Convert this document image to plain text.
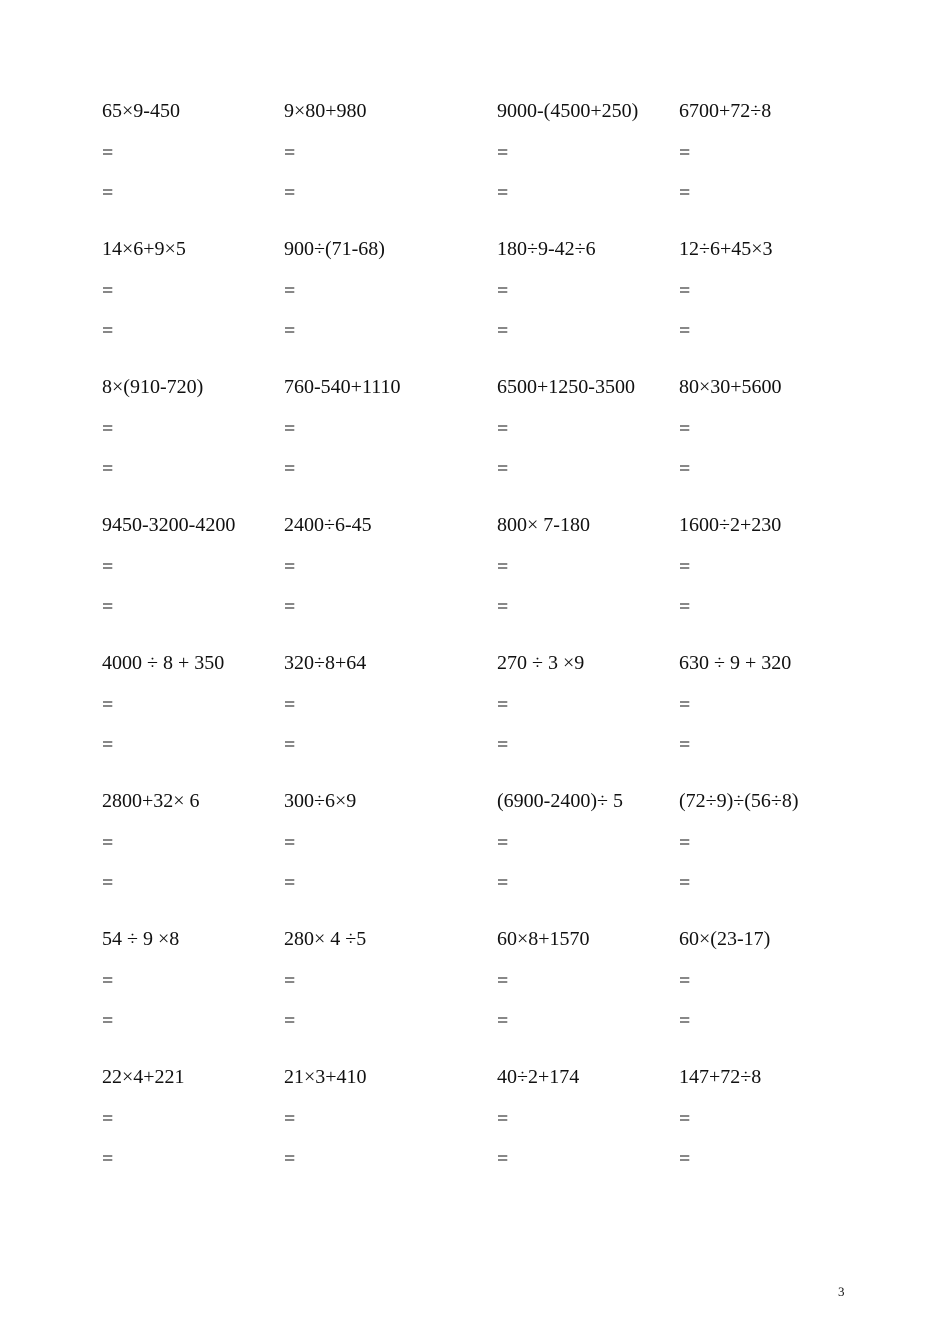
65×9-450
=
=
9×80+980
=
=
9000-(4500+250)
=
=
6700+72÷8
=
=
14×6+9×5
=
=
900÷(71-68)
=
=
180÷9-42÷6
=
=
12÷6+45×3
=
=
8×(910-720)
=
=
760-540+1110
=
=
6500+1250-3500
=
=
80×30+5600
=
=
9450-3200-4200
=
=
2400÷6-45
=
=
800× 7-180
=
=
1600÷2+230
=
=
4000 ÷ 8 + 350
=
=
320÷8+64
=
=
270 ÷ 3 ×9
=
=
630 ÷ 9 + 320
=
=
2800+32× 6
=
=
300÷6×9
=
=
(6900-2400)÷ 5
=
=
(72÷9)÷(56÷8)
=
=
54 ÷ 9 ×8
=
=
280× 4 ÷5
=
=
60×8+1570
=
=
60×(23-17)
=
=
22×4+221
=
=
21×3+410
=
=
40÷2+174
=
=
147+72÷8
=
=
3
